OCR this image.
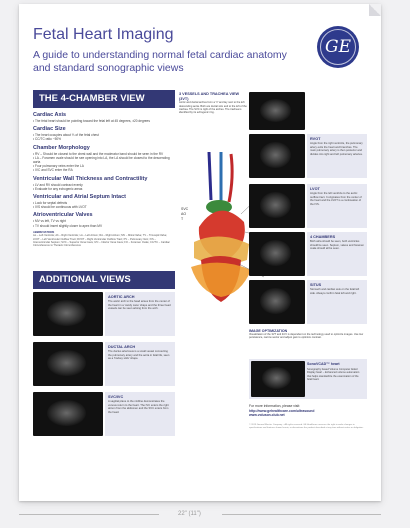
Fetal Heart Imaging

A guide to understanding normal fetal cardiac anatomy and standard sonographic views

GE
THE 4-CHAMBER VIEW
Cardiac Axis

• The fetal heart should be pointing toward the fetal left at 45 degrees, ±20 degrees

Cardiac Size

• The heart occupies about ⅓ of the fetal chest

• CC/TC ratio ~50%

Chamber Morphology

• RV – Should be closest to the chest wall and the moderator band should be seen in the RV

• LA – Foramen ovale should be see opening into LA, the LA should be closest to the descending aorta

• Four pulmonary veins enter the LA

• IVC and SVC enter the RA

Ventricular Wall Thickness and Contractility

• LV and RV should contract evenly

• Evaluate for any echogenic areas

Ventricular and Atrial Septum Intact

• Look for septal defects

• IVS should be continuous with LVOT

Atrioventricular Valves

• MV vs left, TV vs right

• TV should insert slightly closer to apex than MV

ABBREVIATIONS
Ao – Left Ventricle; Ab – Right Ventricle; LA – Left Atrium; RA – Right Atrium; MV – Mitral Valve; TV – Tricuspid Valve; LVOT – Left Ventricular Outflow Tract; RVOT – Right Ventricular Outflow Tract; PV – Pulmonary Vein; IVS – Interventricular Septum; SVC – Superior Vena Cava; IVC – Inferior Vena Cava; FO – Foramen Ovale; CC/TC – Cardiac Circumference to Thoracic Circumference
ADDITIONAL VIEWS
AORTIC ARCH

The aortic arch to the head arises from the center of the heart in a 'candy cane' shape and the three head vessels can be seen arising from the arch.

DUCTAL ARCH

The ductus arteriosus is a small vessel connecting the pulmonary artery and the aorta in fetal life, seen as a 'hockey stick' shape.

SVC/IVC

A sagittal plane to the midline demonstrates the venous return to the heart. The IVC enters the right atrium from the abdomen and the SVC enters from the head.

3 VESSELS AND TRACHEA VIEW (3VT)

Aortic and ductal arches form a 'V' and lay next to the left descending aorta. Both are ductal size and to the left of the trachea. The SVC is right of the arches. The trachea is identified by its echogenic ring.

SVC
AO
T
RVOT

Angle from the right ventricle, the pulmonary artery exits the heart and branches. The main pulmonary artery is then posterior and divides into right and left pulmonary arteries.

LVOT

Angle from the left ventricle to the aortic outflow tract. It originates from the center of the heart and the LVOT is a continuation of the IVS.

4 CHAMBERS

Both atria should be seen, both ventricles should be seen. Septum, valves and foramen ovale should all be seen.

SITUS

Stomach and cardiac axis on the fetal left side. Always confirm fetal left and right.

IMAGE OPTIMIZATION

Visualization of the 3VT and 4CV is dependent on the technology used to optimize images. Use low persistence, narrow sector and adjust gain to optimize contrast.

SonoVCAD™ heart

Sonography based Volume Computer Aided Display heart – Enhanced volume automation that helps standardize the examination of the fetal heart.

For more information, please visit:
http://www.gehealthcare.com/ultrasound
www.voluson.club.net
© 2013 General Electric Company – All rights reserved. GE Healthcare reserves the right to make changes in specifications and features shown herein, or discontinue the product described at any time without notice or obligation.
22" (11")
